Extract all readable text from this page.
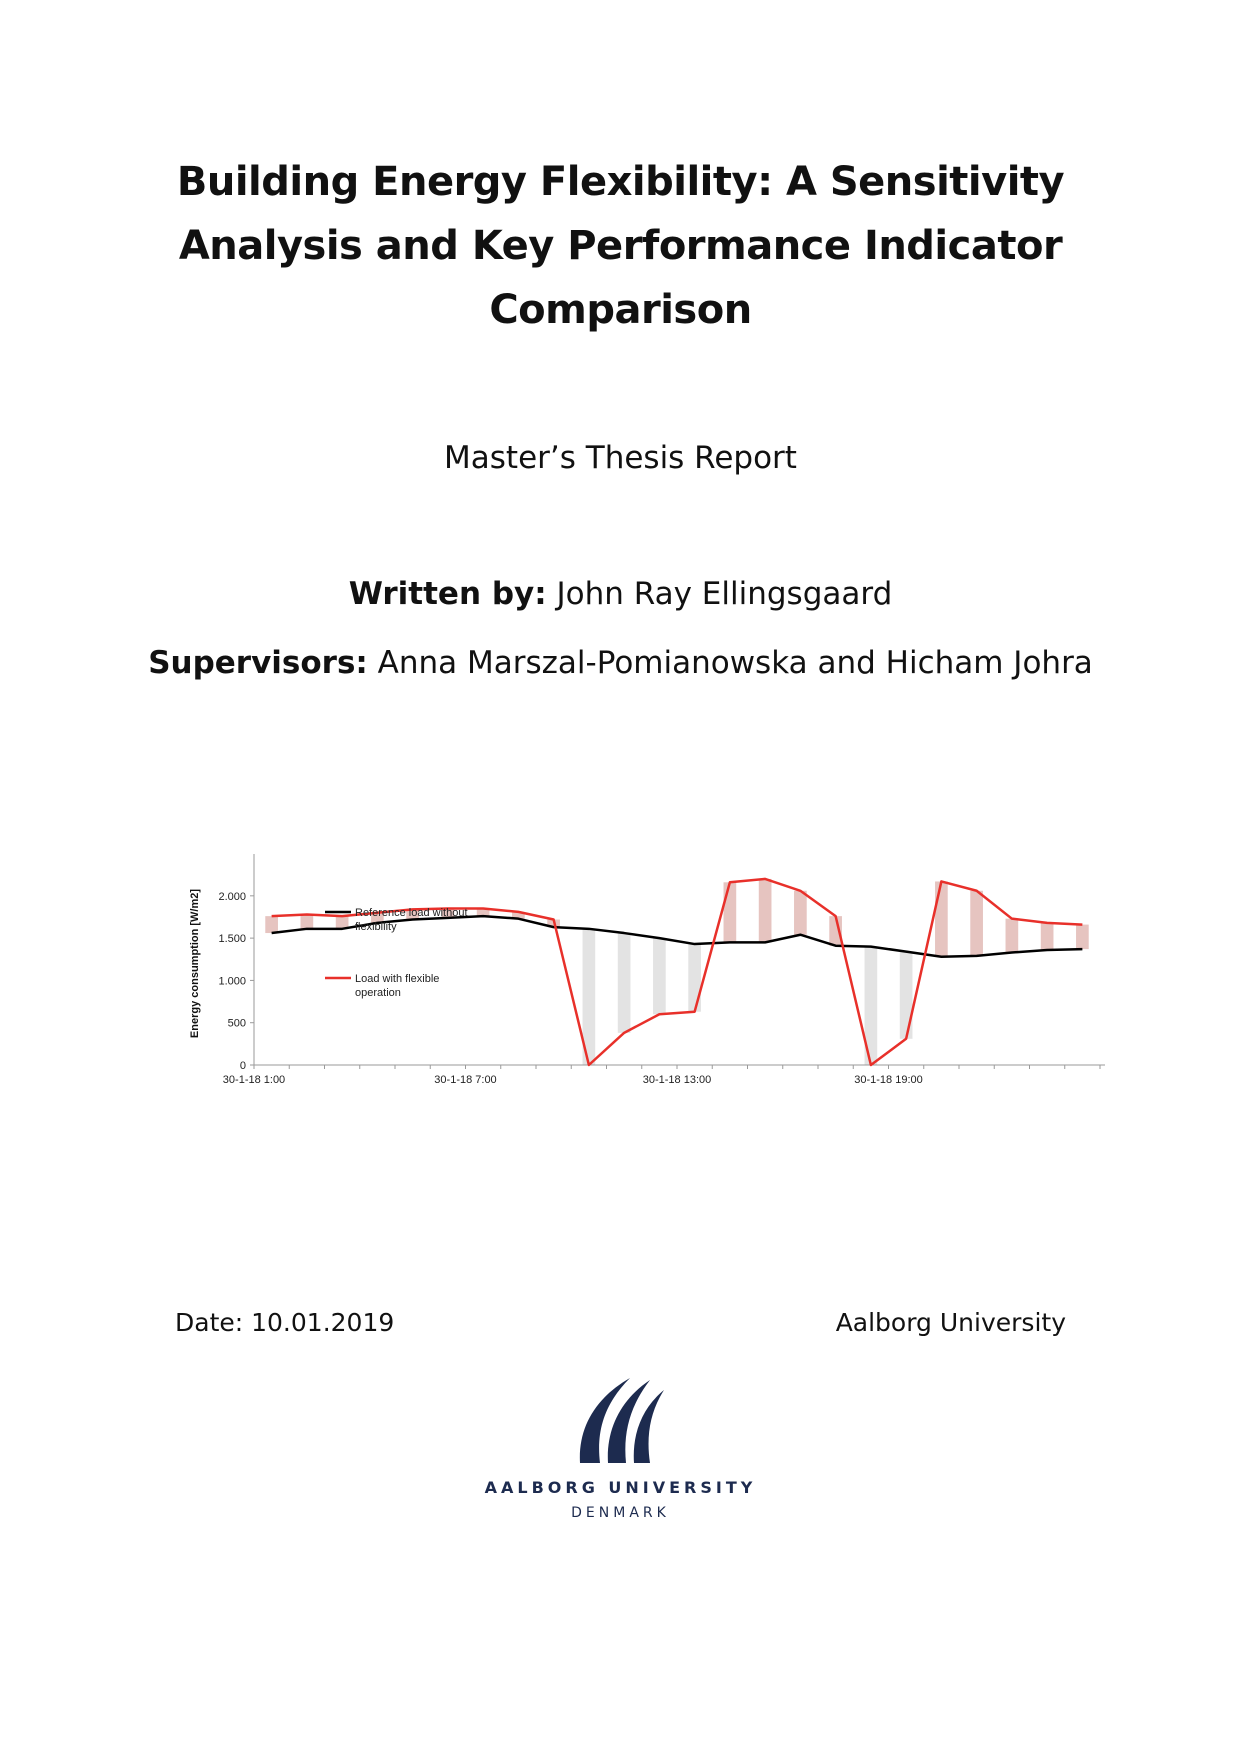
Building Energy Flexibility: A Sensitivity
Analysis and Key Performance Indicator
Comparison
Master’s Thesis Report
Written by: John Ray Ellingsgaard
Supervisors: Anna Marszal-Pomianowska and Hicham Johra
0
500
1.000
1.500
2.000
30-1-18 1:00	30-1-18 7:00	30-1-18 13:00	30-1-18 19:00
Energy consumption [W/m2]	Reference load without
flexibility
Load with flexible
operation
Date: 10.01.2019	Aalborg University
AALBORG UNIVERSITY
DENMARK
